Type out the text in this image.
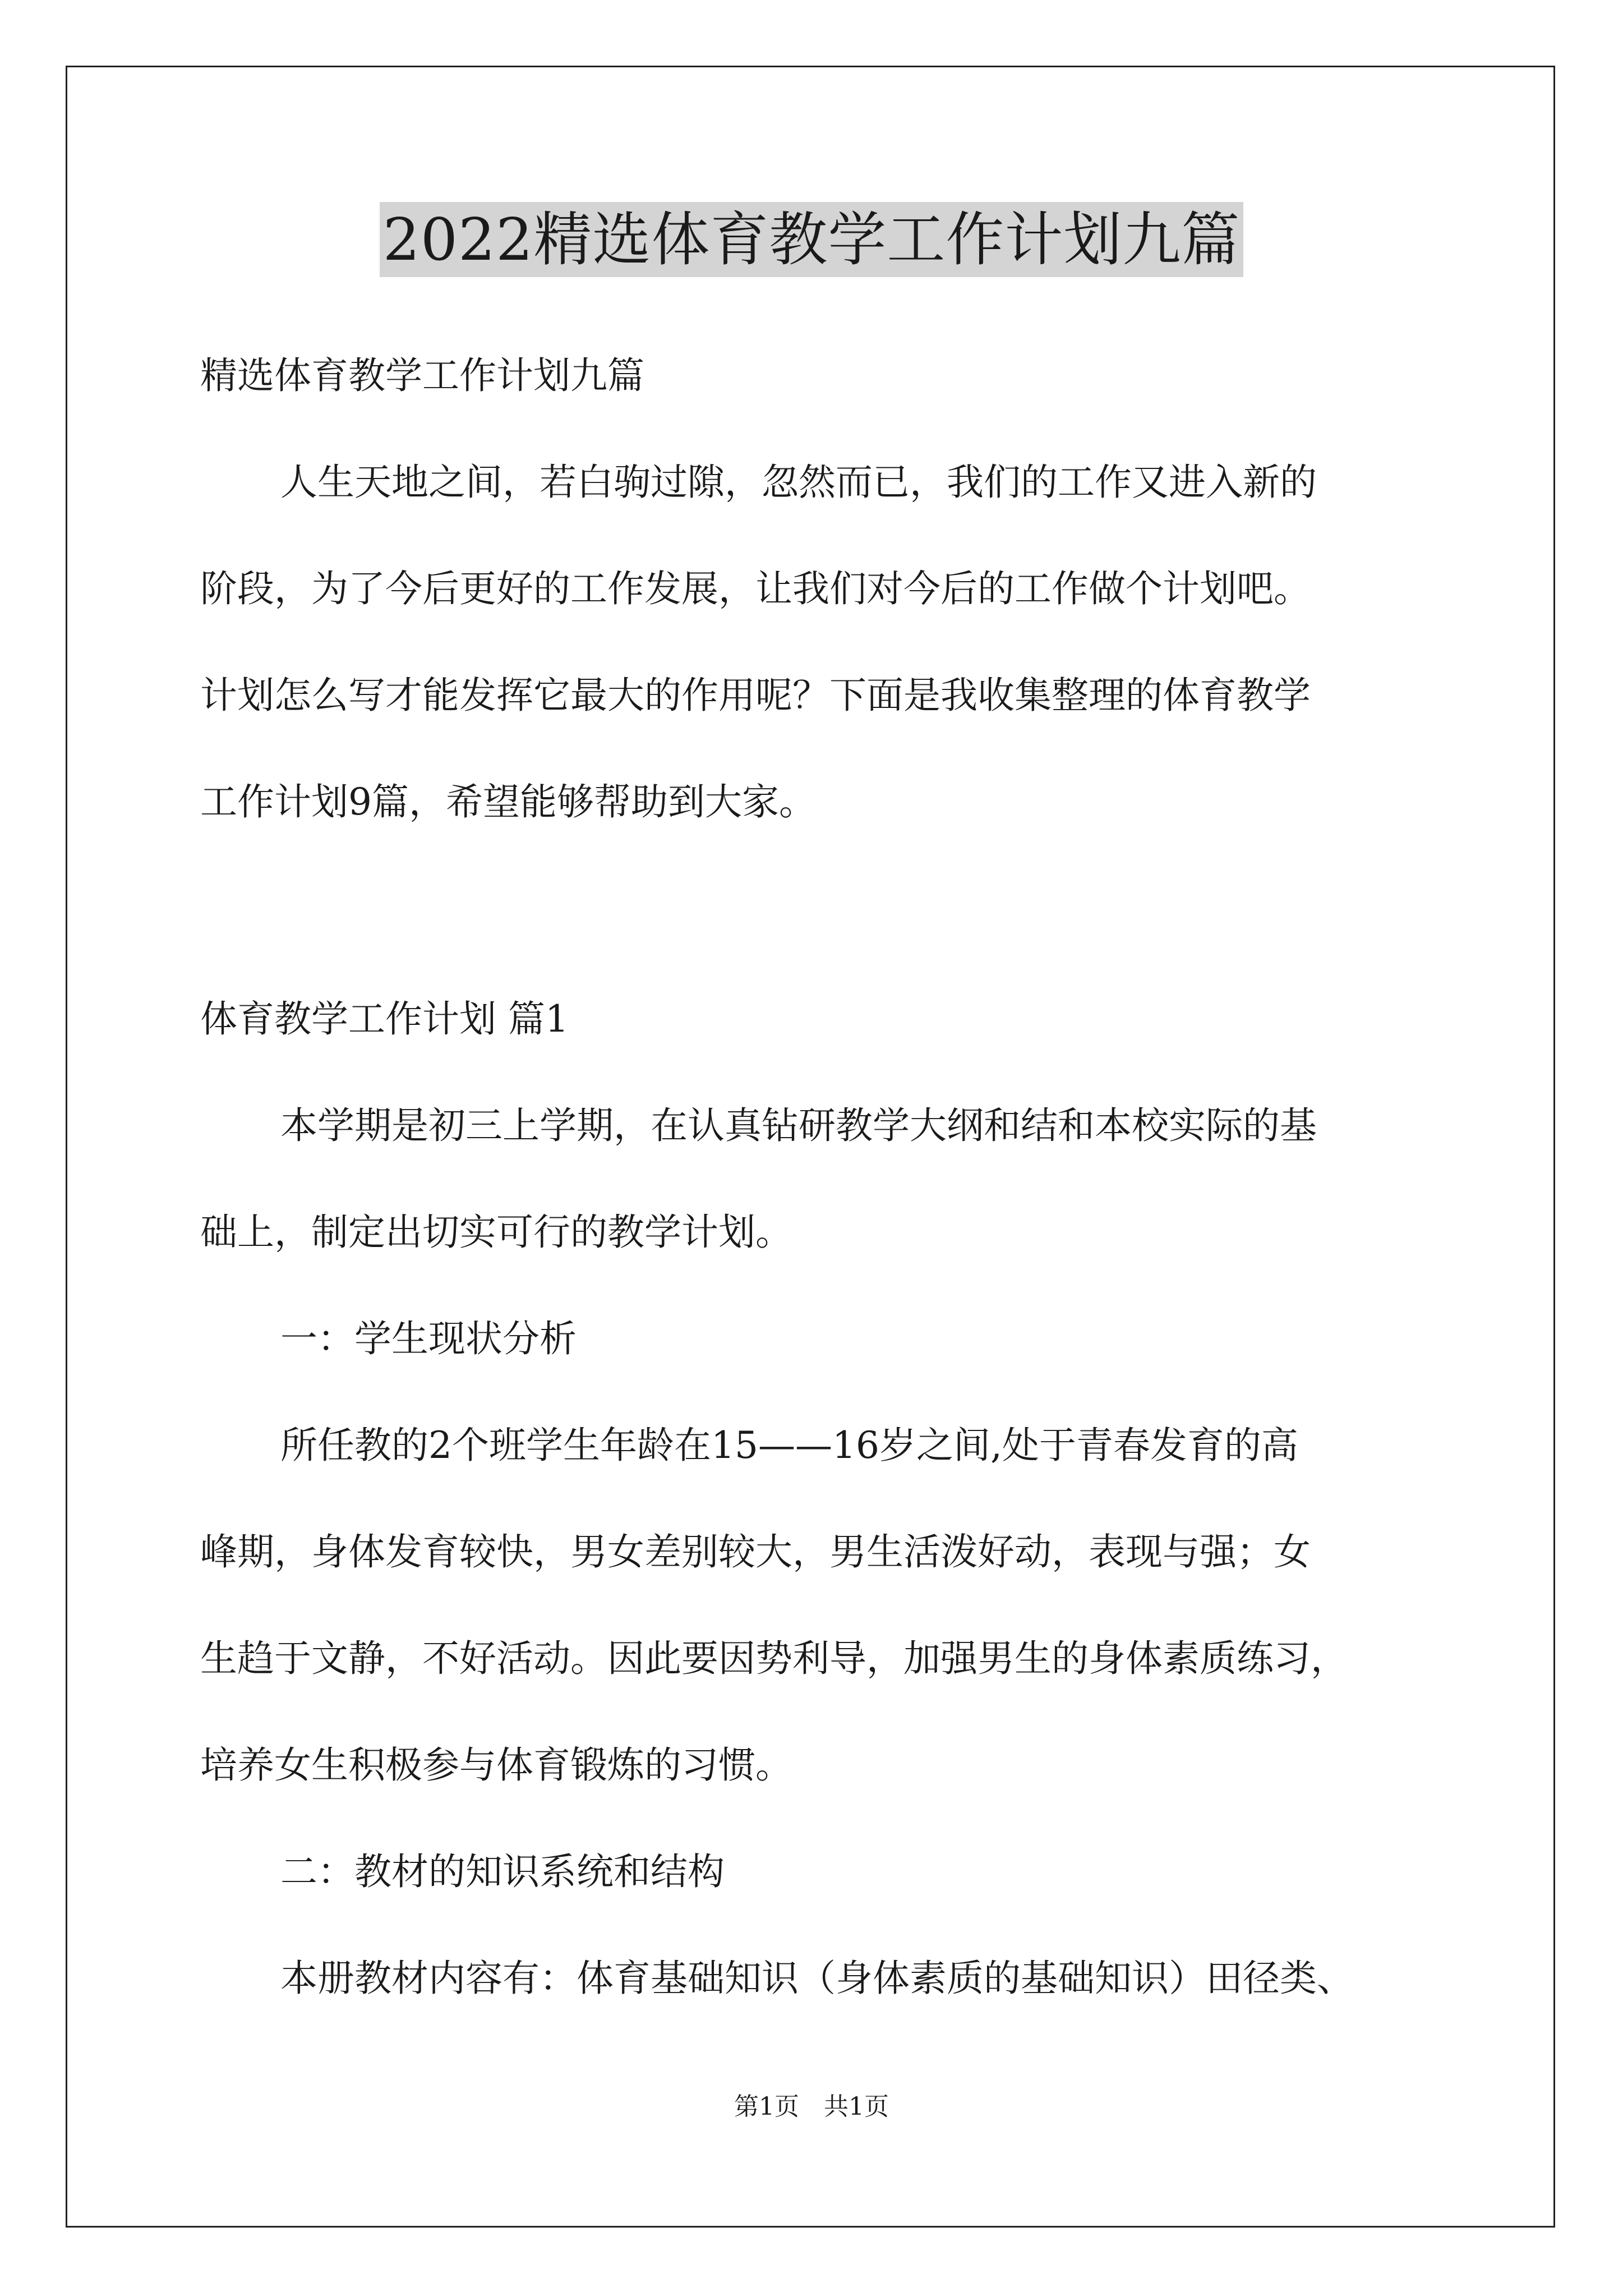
2022精选体育教学工作计划九篇
精选体育教学工作计划九篇
人生天地之间，若白驹过隙，忽然而已，我们的工作又进入新的
阶段，为了今后更好的工作发展，让我们对今后的工作做个计划吧。
计划怎么写才能发挥它最大的作用呢？下面是我收集整理的体育教学
工作计划9篇，希望能够帮助到大家。
体育教学工作计划 篇1
本学期是初三上学期，在认真钻研教学大纲和结和本校实际的基
础上，制定出切实可行的教学计划。
一：学生现状分析
所任教的2个班学生年龄在15——16岁之间,处于青春发育的高
峰期，身体发育较快，男女差别较大，男生活泼好动，表现与强；女
生趋于文静，不好活动。因此要因势利导，加强男生的身体素质练习，
培养女生积极参与体育锻炼的习惯。
二：教材的知识系统和结构
本册教材内容有：体育基础知识（身体素质的基础知识）田径类、
第1页　共1页
